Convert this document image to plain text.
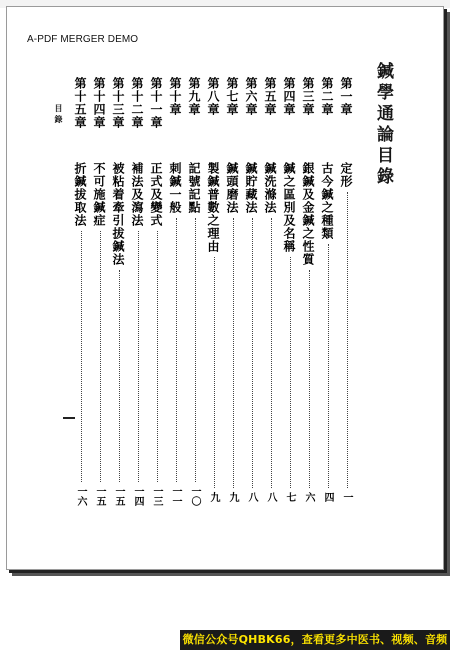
A-PDF MERGER DEMO
鍼學通論目錄
第一章
定形
一
第二章
古今鍼之種類
四
第三章
銀鍼及金鍼之性質
六
第四章
鍼之區別及名稱
七
第五章
鍼洗滌法
八
第六章
鍼貯藏法
八
第七章
鍼頭磨法
九
第八章
製鍼普數之理由
九
第九章
記號記點
一〇
第十章
刺鍼一般
一一
第十一章
正式及變式
一三
第十二章
補法及瀉法
一四
第十三章
被粘着牽引拔鍼法
一五
第十四章
不可施鍼症
一五
第十五章
折鍼拔取法
一六
目錄
微信公众号QHBK66，查看更多中医书、视频、音频
